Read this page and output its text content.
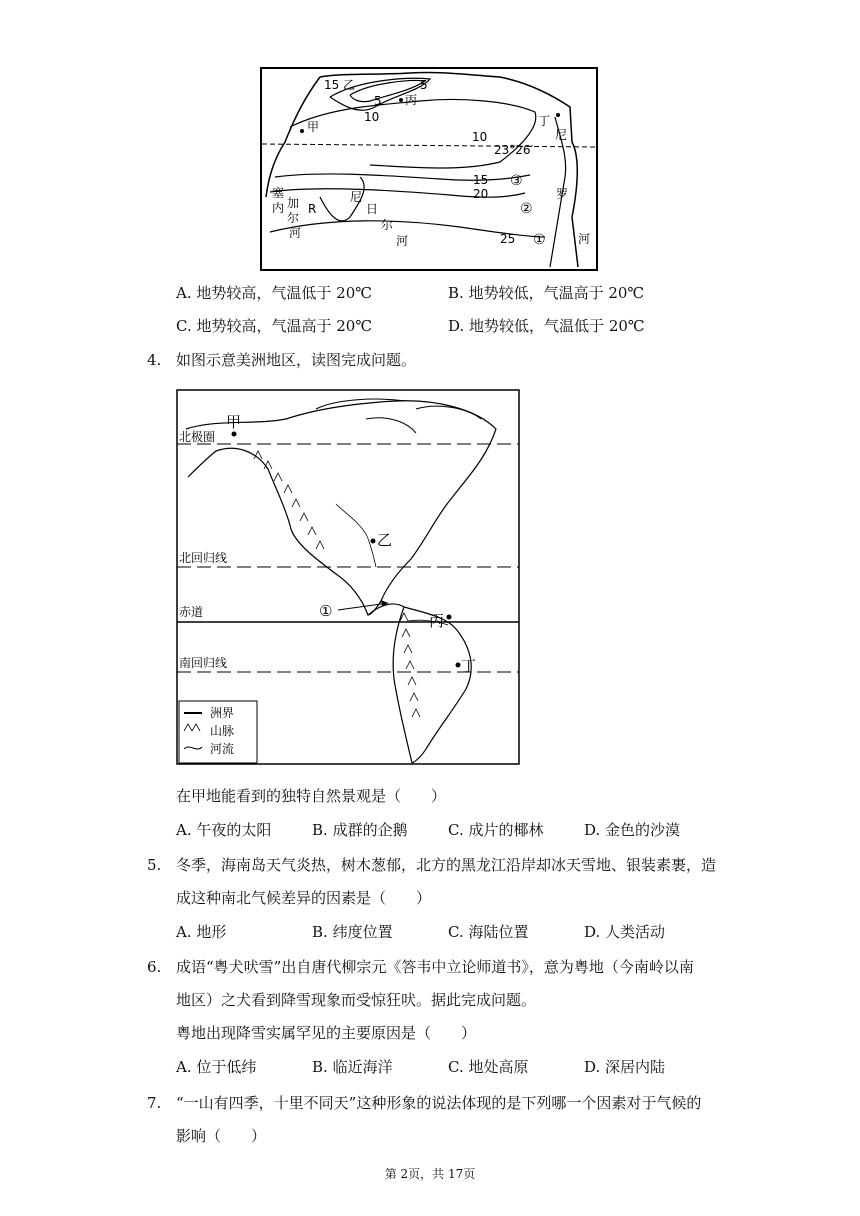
15
5
5
10
10
15
20
25
乙
丙
甲	丁
尼
罗
河
塞
内 加
尔
河
R
尼
日
尔
河
23°26′
①
②
③
A. 地势较高，气温低于 20℃	B. 地势较低，气温高于 20℃
C. 地势较高，气温高于 20℃	D. 地势较低，气温低于 20℃
4. 如图示意美洲地区，读图完成问题。
北极圈
北回归线
赤道
南回归线
甲
乙
丙
丁
①
洲界
山脉
河流
在甲地能看到的独特自然景观是（　　）
A. 午夜的太阳	B. 成群的企鹅	C. 成片的椰林	D. 金色的沙漠
5. 冬季，海南岛天气炎热，树木葱郁，北方的黑龙江沿岸却冰天雪地、银装素裹，造
成这种南北气候差异的因素是（　　）
A. 地形	B. 纬度位置	C. 海陆位置	D. 人类活动
6. 成语“粤犬吠雪”出自唐代柳宗元《答韦中立论师道书》，意为粤地（今南岭以南
地区）之犬看到降雪现象而受惊狂吠。据此完成问题。
粤地出现降雪实属罕见的主要原因是（　　）
A. 位于低纬	B. 临近海洋	C. 地处高原	D. 深居内陆
7. “一山有四季，十里不同天”这种形象的说法体现的是下列哪一个因素对于气候的
影响（　　）
第 2页，共 17页
